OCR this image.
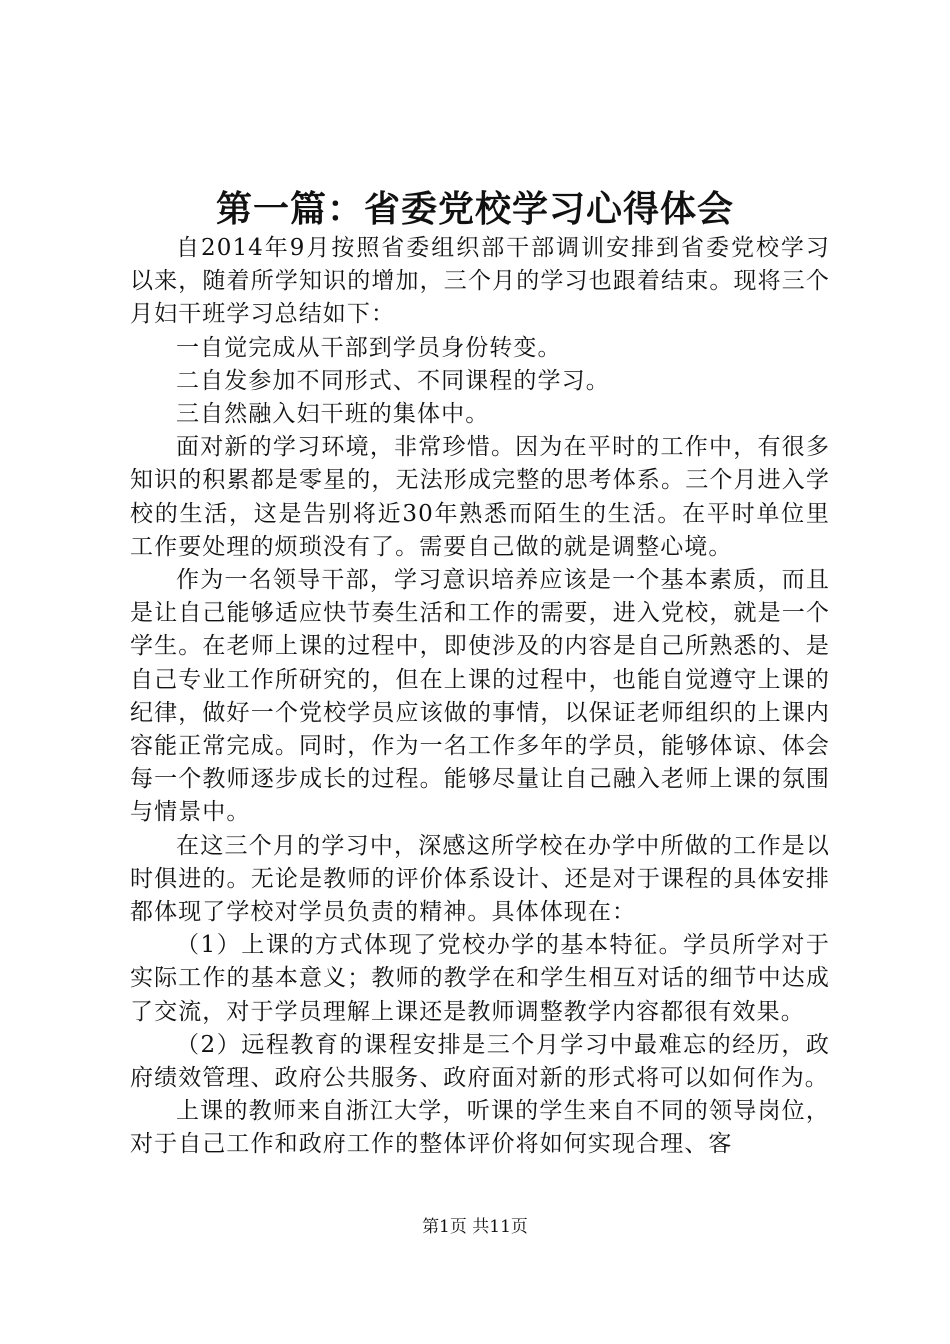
第一篇：省委党校学习心得体会

自2014年9月按照省委组织部干部调训安排到省委党校学习以来，随着所学知识的增加，三个月的学习也跟着结束。现将三个月妇干班学习总结如下：

一自觉完成从干部到学员身份转变。

二自发参加不同形式、不同课程的学习。

三自然融入妇干班的集体中。

面对新的学习环境，非常珍惜。因为在平时的工作中，有很多知识的积累都是零星的，无法形成完整的思考体系。三个月进入学校的生活，这是告别将近30年熟悉而陌生的生活。在平时单位里工作要处理的烦琐没有了。需要自己做的就是调整心境。

作为一名领导干部，学习意识培养应该是一个基本素质，而且是让自己能够适应快节奏生活和工作的需要，进入党校，就是一个学生。在老师上课的过程中，即使涉及的内容是自己所熟悉的、是自己专业工作所研究的，但在上课的过程中，也能自觉遵守上课的纪律，做好一个党校学员应该做的事情，以保证老师组织的上课内容能正常完成。同时，作为一名工作多年的学员，能够体谅、体会每一个教师逐步成长的过程。能够尽量让自己融入老师上课的氛围与情景中。

在这三个月的学习中，深感这所学校在办学中所做的工作是以时俱进的。无论是教师的评价体系设计、还是对于课程的具体安排都体现了学校对学员负责的精神。具体体现在：

（1）上课的方式体现了党校办学的基本特征。学员所学对于实际工作的基本意义；教师的教学在和学生相互对话的细节中达成了交流，对于学员理解上课还是教师调整教学内容都很有效果。

（2）远程教育的课程安排是三个月学习中最难忘的经历，政府绩效管理、政府公共服务、政府面对新的形式将可以如何作为。

上课的教师来自浙江大学，听课的学生来自不同的领导岗位，对于自己工作和政府工作的整体评价将如何实现合理、客

第1页 共11页
